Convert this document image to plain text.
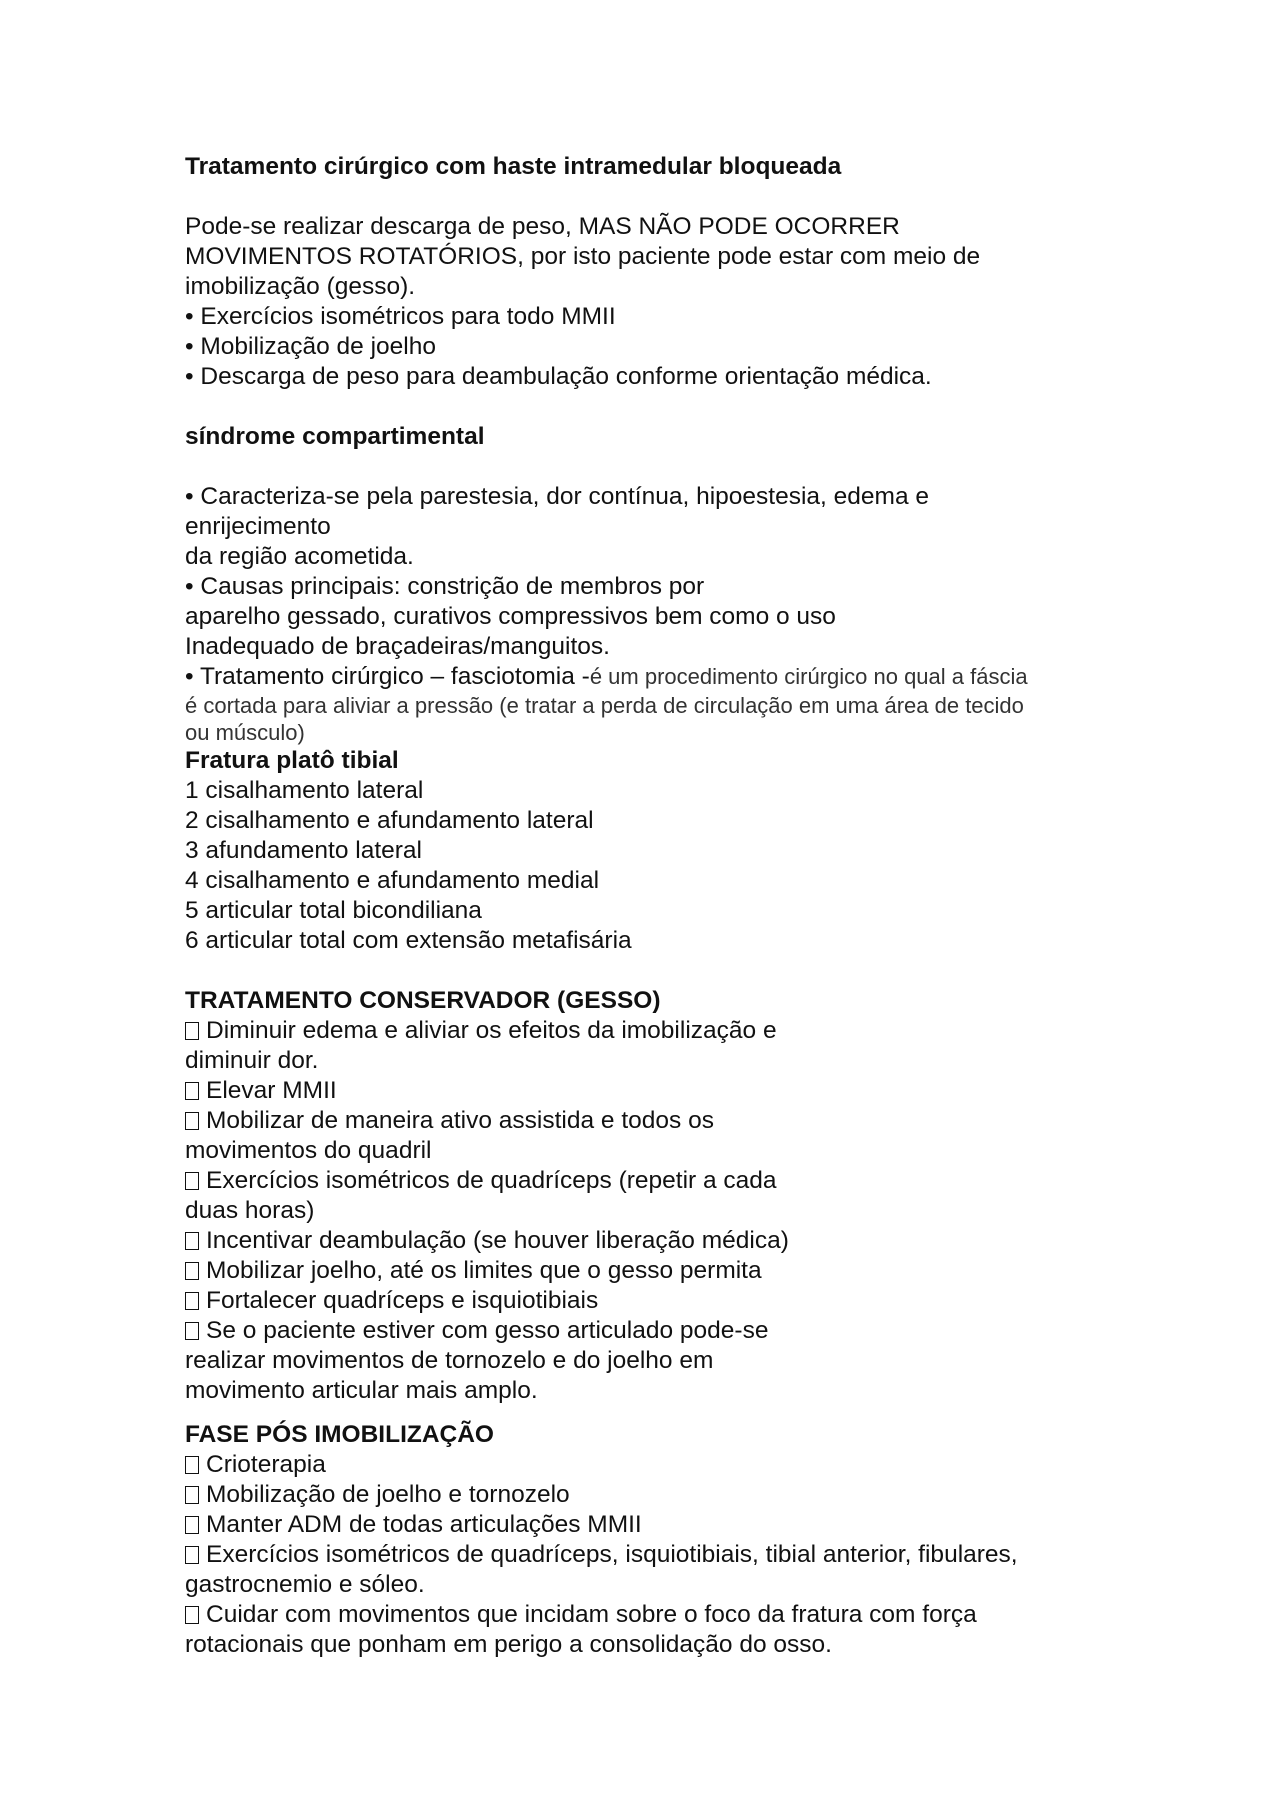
Tratamento cirúrgico com haste intramedular bloqueada
Pode-se realizar descarga de peso, MAS NÃO PODE OCORRER
MOVIMENTOS ROTATÓRIOS, por isto paciente pode estar com meio de
imobilização (gesso).
• Exercícios isométricos para todo MMII
• Mobilização de joelho
• Descarga de peso para deambulação conforme orientação médica.
síndrome compartimental
• Caracteriza-se pela parestesia, dor contínua, hipoestesia, edema e
enrijecimento
da região acometida.
• Causas principais: constrição de membros por
aparelho gessado, curativos compressivos bem como o uso
Inadequado de braçadeiras/manguitos.
• Tratamento cirúrgico – fasciotomia -é um procedimento cirúrgico no qual a fáscia
é cortada para aliviar a pressão (e tratar a perda de circulação em uma área de tecido
ou músculo)
Fratura platô tibial
1 cisalhamento lateral
2 cisalhamento e afundamento lateral
3 afundamento lateral
4 cisalhamento e afundamento medial
5 articular total bicondiliana
6 articular total com extensão metafisária
TRATAMENTO CONSERVADOR (GESSO)
Diminuir edema e aliviar os efeitos da imobilização e
diminuir dor.
Elevar MMII
Mobilizar de maneira ativo assistida e todos os
movimentos do quadril
Exercícios isométricos de quadríceps (repetir a cada
duas horas)
Incentivar deambulação (se houver liberação médica)
Mobilizar joelho, até os limites que o gesso permita
Fortalecer quadríceps e isquiotibiais
Se o paciente estiver com gesso articulado pode-se
realizar movimentos de tornozelo e do joelho em
movimento articular mais amplo.
FASE PÓS IMOBILIZAÇÃO
Crioterapia
Mobilização de joelho e tornozelo
Manter ADM de todas articulações MMII
Exercícios isométricos de quadríceps, isquiotibiais, tibial anterior, fibulares,
gastrocnemio e sóleo.
Cuidar com movimentos que incidam sobre o foco da fratura com força
rotacionais que ponham em perigo a consolidação do osso.
